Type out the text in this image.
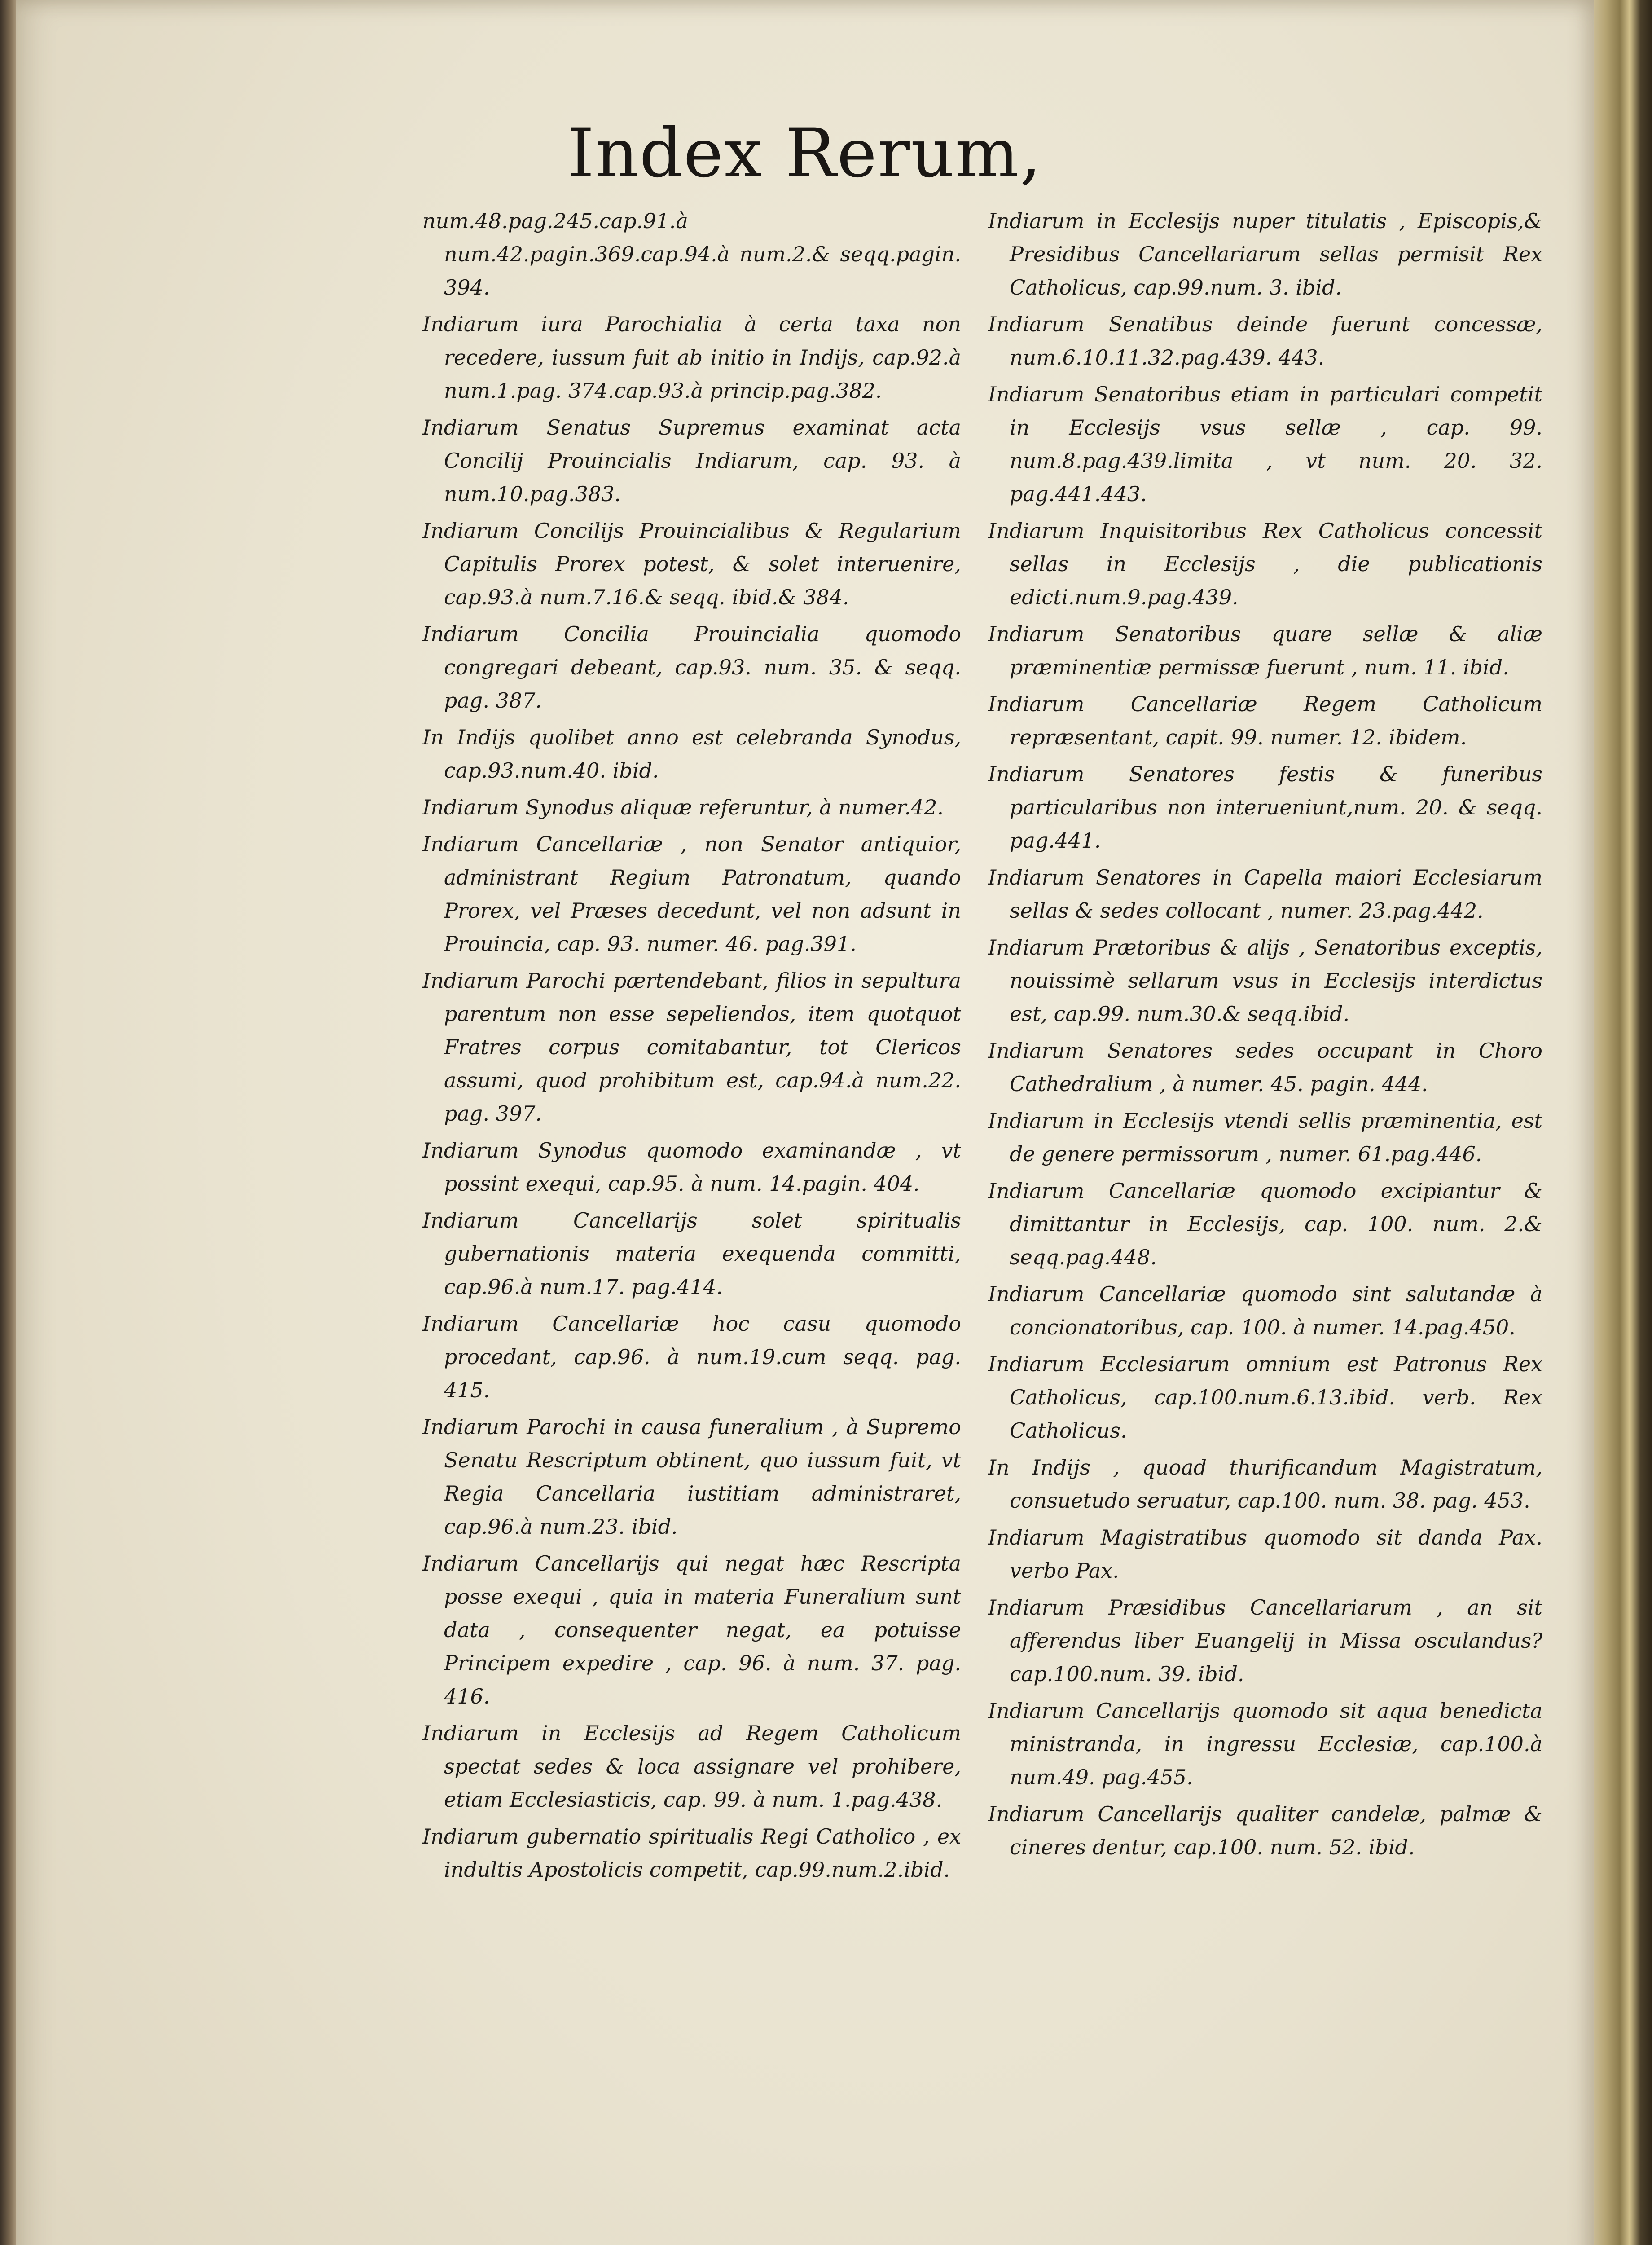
Index Rerum,

num.48.pag.245.cap.91.à num.42.pagin.369.cap.94.à num.2.& seqq.pagin. 394.

Indiarum iura Parochialia à certa taxa non recedere, iussum fuit ab initio in Indijs, cap.92.à num.1.pag. 374.cap.93.à princip.pag.382.

Indiarum Senatus Supremus examinat acta Concilij Prouincialis Indiarum, cap. 93. à num.10.pag.383.

Indiarum Concilijs Prouincialibus & Regularium Capitulis Prorex potest, & solet interuenire, cap.93.à num.7.16.& seqq. ibid.& 384.

Indiarum Concilia Prouincialia quomodo congregari debeant, cap.93. num. 35. & seqq. pag. 387.

In Indijs quolibet anno est celebranda Synodus, cap.93.num.40. ibid.

Indiarum Synodus aliquæ referuntur, à numer.42.

Indiarum Cancellariæ , non Senator antiquior, administrant Regium Patronatum, quando Prorex, vel Præses decedunt, vel non adsunt in Prouincia, cap. 93. numer. 46. pag.391.

Indiarum Parochi pærtendebant, filios in sepultura parentum non esse sepeliendos, item quotquot Fratres corpus comitabantur, tot Clericos assumi, quod prohibitum est, cap.94.à num.22. pag. 397.

Indiarum Synodus quomodo examinandæ , vt possint exequi, cap.95. à num. 14.pagin. 404.

Indiarum Cancellarijs solet spiritualis gubernationis materia exequenda committi, cap.96.à num.17. pag.414.

Indiarum Cancellariæ hoc casu quomodo procedant, cap.96. à num.19.cum seqq. pag. 415.

Indiarum Parochi in causa funeralium , à Supremo Senatu Rescriptum obtinent, quo iussum fuit, vt Regia Cancellaria iustitiam administraret, cap.96.à num.23. ibid.

Indiarum Cancellarijs qui negat hæc Rescripta posse exequi , quia in materia Funeralium sunt data , consequenter negat, ea potuisse Principem expedire , cap. 96. à num. 37. pag. 416.

Indiarum in Ecclesijs ad Regem Catholicum spectat sedes & loca assignare vel prohibere, etiam Ecclesiasticis, cap. 99. à num. 1.pag.438.

Indiarum gubernatio spiritualis Regi Catholico , ex indultis Apostolicis competit, cap.99.num.2.ibid.

Indiarum in Ecclesijs nuper titulatis , Episcopis,& Presidibus Cancellariarum sellas permisit Rex Catholicus, cap.99.num. 3. ibid.

Indiarum Senatibus deinde fuerunt concessæ, num.6.10.11.32.pag.439. 443.

Indiarum Senatoribus etiam in particulari competit in Ecclesijs vsus sellæ , cap. 99. num.8.pag.439.limita , vt num. 20. 32. pag.441.443.

Indiarum Inquisitoribus Rex Catholicus concessit sellas in Ecclesijs , die publicationis edicti.num.9.pag.439.

Indiarum Senatoribus quare sellæ & aliæ præminentiæ permissæ fuerunt , num. 11. ibid.

Indiarum Cancellariæ Regem Catholicum repræsentant, capit. 99. numer. 12. ibidem.

Indiarum Senatores festis & funeribus particularibus non interueniunt,num. 20. & seqq. pag.441.

Indiarum Senatores in Capella maiori Ecclesiarum sellas & sedes collocant , numer. 23.pag.442.

Indiarum Prætoribus & alijs , Senatoribus exceptis, nouissimè sellarum vsus in Ecclesijs interdictus est, cap.99. num.30.& seqq.ibid.

Indiarum Senatores sedes occupant in Choro Cathedralium , à numer. 45. pagin. 444.

Indiarum in Ecclesijs vtendi sellis præminentia, est de genere permissorum , numer. 61.pag.446.

Indiarum Cancellariæ quomodo excipiantur & dimittantur in Ecclesijs, cap. 100. num. 2.& seqq.pag.448.

Indiarum Cancellariæ quomodo sint salutandæ à concionatoribus, cap. 100. à numer. 14.pag.450.

Indiarum Ecclesiarum omnium est Patronus Rex Catholicus, cap.100.num.6.13.ibid. verb. Rex Catholicus.

In Indijs , quoad thurificandum Magistratum, consuetudo seruatur, cap.100. num. 38. pag. 453.

Indiarum Magistratibus quomodo sit danda Pax. verbo Pax.

Indiarum Præsidibus Cancellariarum , an sit afferendus liber Euangelij in Missa osculandus? cap.100.num. 39. ibid.

Indiarum Cancellarijs quomodo sit aqua benedicta ministranda, in ingressu Ecclesiæ, cap.100.à num.49. pag.455.

Indiarum Cancellarijs qualiter candelæ, palmæ & cineres dentur, cap.100. num. 52. ibid.
